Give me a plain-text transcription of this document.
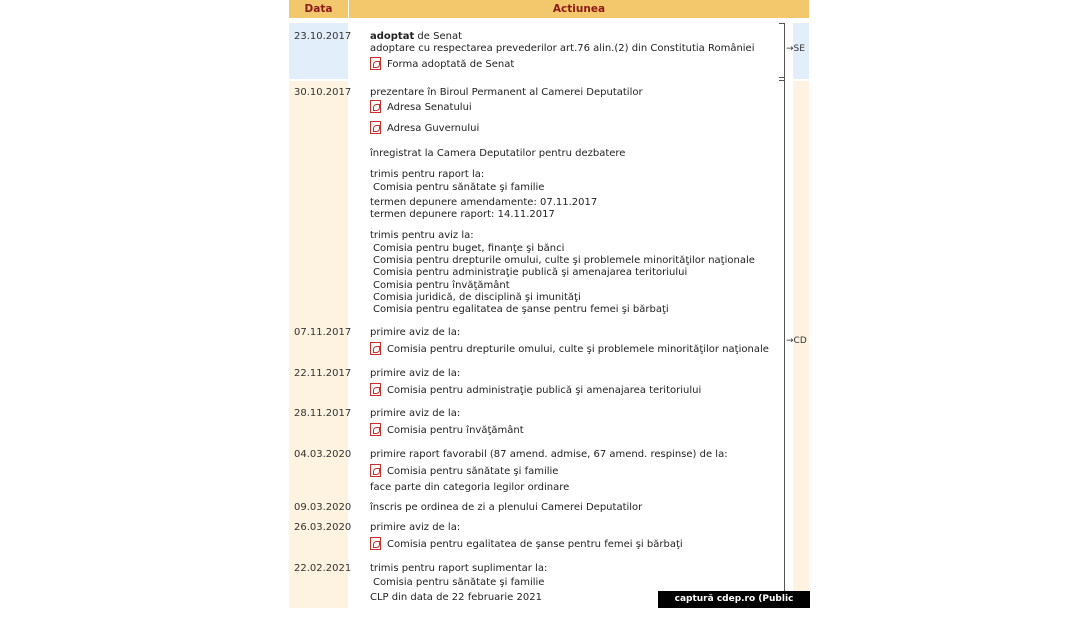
Data	Actiunea
→SE
→CD
23.10.2017 adoptat de Senat
adoptare cu respectarea prevederilor art.76 alin.(2) din Constitutia României
Forma adoptată de Senat
30.10.2017 prezentare în Biroul Permanent al Camerei Deputatilor
Adresa Senatului
Adresa Guvernului
înregistrat la Camera Deputatilor pentru dezbatere
trimis pentru raport la:
Comisia pentru sănătate şi familie
termen depunere amendamente: 07.11.2017
termen depunere raport: 14.11.2017
trimis pentru aviz la:
Comisia pentru buget, finanţe şi bănci
Comisia pentru drepturile omului, culte şi problemele minorităţilor naţionale
Comisia pentru administraţie publică şi amenajarea teritoriului
Comisia pentru învăţământ
Comisia juridică, de disciplină şi imunităţi
Comisia pentru egalitatea de şanse pentru femei şi bărbaţi
07.11.2017 primire aviz de la:
Comisia pentru drepturile omului, culte şi problemele minorităţilor naţionale
22.11.2017 primire aviz de la:
Comisia pentru administraţie publică şi amenajarea teritoriului
28.11.2017 primire aviz de la:
Comisia pentru învăţământ
04.03.2020 primire raport favorabil (87 amend. admise, 67 amend. respinse) de la:
Comisia pentru sănătate şi familie
face parte din categoria legilor ordinare
09.03.2020 înscris pe ordinea de zi a plenului Camerei Deputatilor
26.03.2020 primire aviz de la:
Comisia pentru egalitatea de şanse pentru femei şi bărbaţi
22.02.2021 trimis pentru raport suplimentar la:
Comisia pentru sănătate şi familie
CLP din data de 22 februarie 2021	captură cdep.ro (Public domain)
